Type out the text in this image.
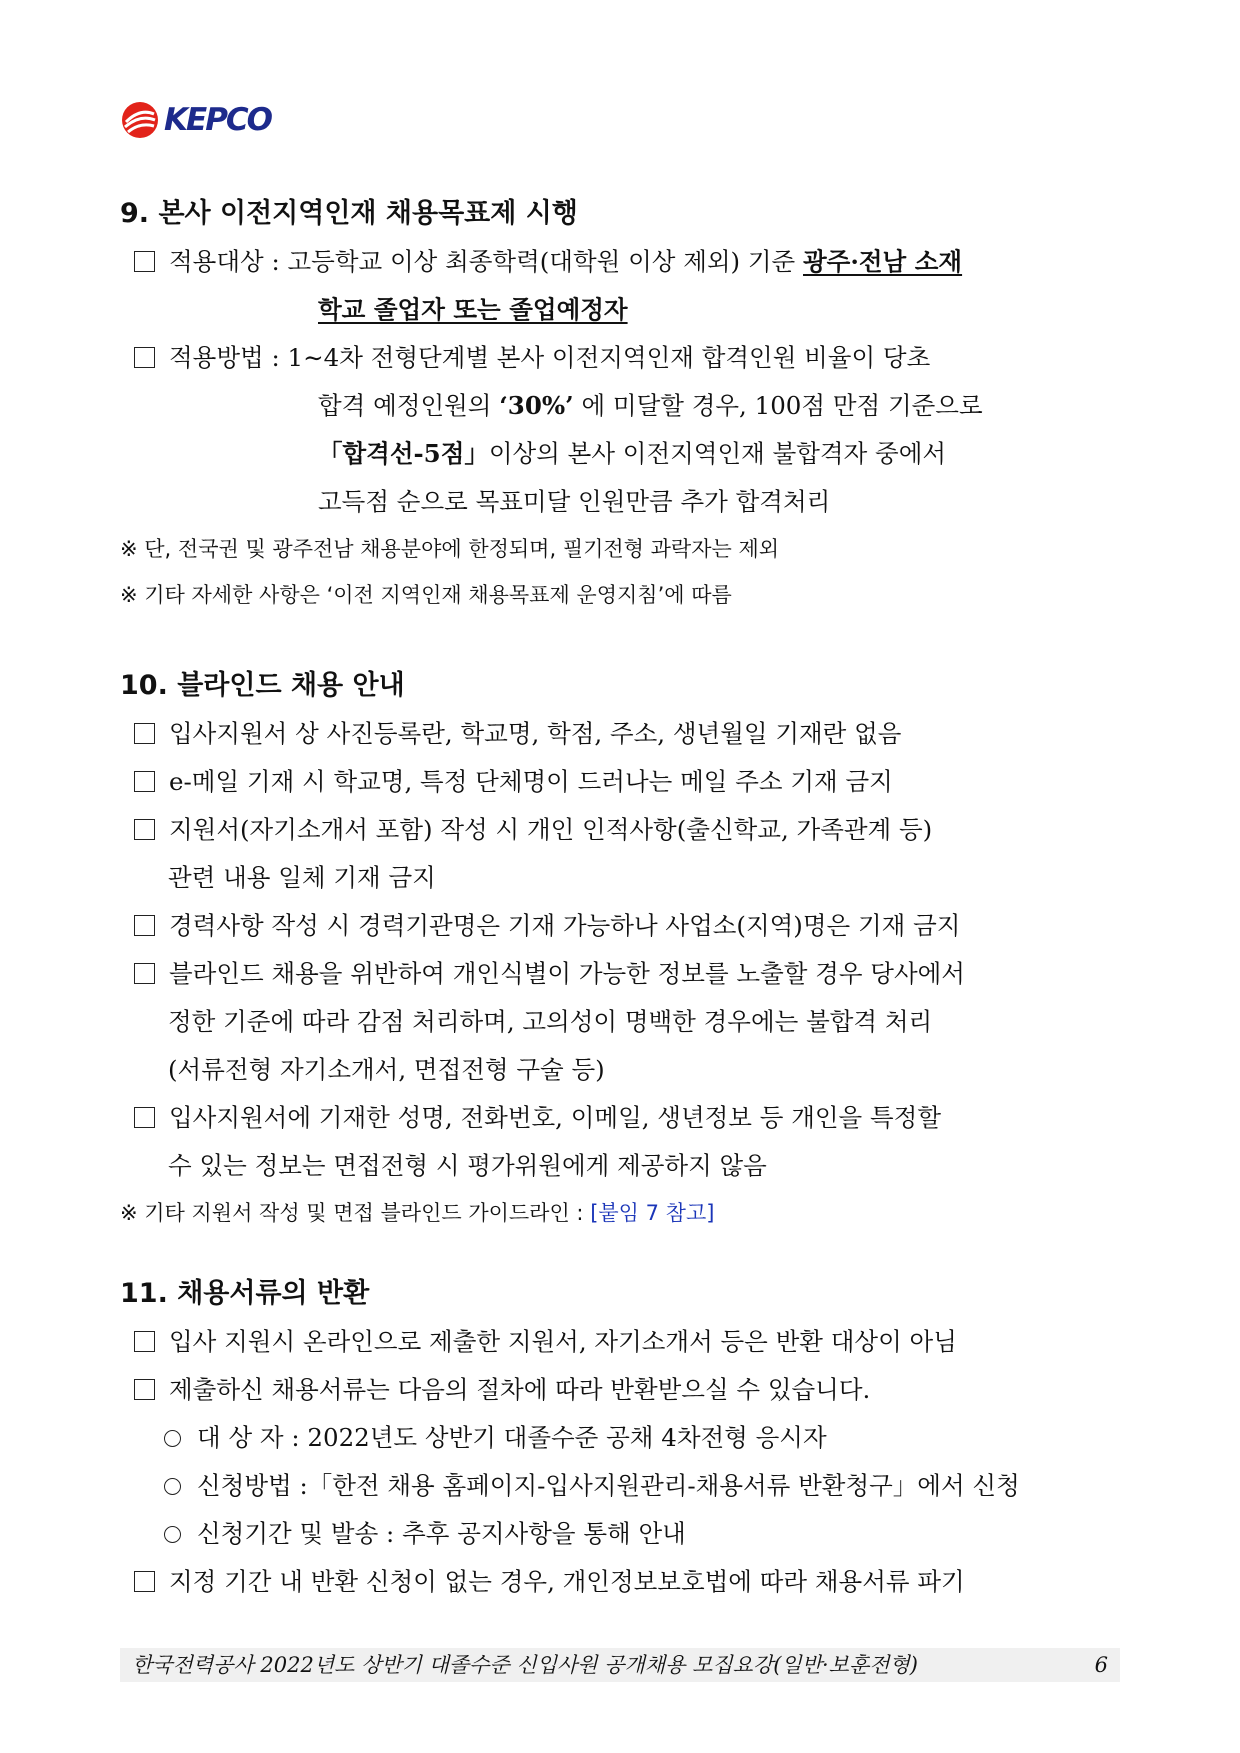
KEPCO
9. 본사 이전지역인재 채용목표제 시행
적용대상 : 고등학교 이상 최종학력(대학원 이상 제외) 기준 광주·전남 소재
학교 졸업자 또는 졸업예정자
적용방법 : 1∼4차 전형단계별 본사 이전지역인재 합격인원 비율이 당초
합격 예정인원의 ‘30%’ 에 미달할 경우, 100점 만점 기준으로
「합격선-5점」이상의 본사 이전지역인재 불합격자 중에서
고득점 순으로 목표미달 인원만큼 추가 합격처리
※ 단, 전국권 및 광주전남 채용분야에 한정되며, 필기전형 과락자는 제외
※ 기타 자세한 사항은 ‘이전 지역인재 채용목표제 운영지침’에 따름
10. 블라인드 채용 안내
입사지원서 상 사진등록란, 학교명, 학점, 주소, 생년월일 기재란 없음
e-메일 기재 시 학교명, 특정 단체명이 드러나는 메일 주소 기재 금지
지원서(자기소개서 포함) 작성 시 개인 인적사항(출신학교, 가족관계 등)
관련 내용 일체 기재 금지
경력사항 작성 시 경력기관명은 기재 가능하나 사업소(지역)명은 기재 금지
블라인드 채용을 위반하여 개인식별이 가능한 정보를 노출할 경우 당사에서
정한 기준에 따라 감점 처리하며, 고의성이 명백한 경우에는 불합격 처리
(서류전형 자기소개서, 면접전형 구술 등)
입사지원서에 기재한 성명, 전화번호, 이메일, 생년정보 등 개인을 특정할
수 있는 정보는 면접전형 시 평가위원에게 제공하지 않음
※ 기타 지원서 작성 및 면접 블라인드 가이드라인 : [붙임 7 참고]
11. 채용서류의 반환
입사 지원시 온라인으로 제출한 지원서, 자기소개서 등은 반환 대상이 아님
제출하신 채용서류는 다음의 절차에 따라 반환받으실 수 있습니다.
대 상 자 : 2022년도 상반기 대졸수준 공채 4차전형 응시자
신청방법 :「한전 채용 홈페이지-입사지원관리-채용서류 반환청구」에서 신청
신청기간 및 발송 : 추후 공지사항을 통해 안내
지정 기간 내 반환 신청이 없는 경우, 개인정보보호법에 따라 채용서류 파기
한국전력공사 2022년도 상반기 대졸수준 신입사원 공개채용 모집요강(일반·보훈전형)	6
